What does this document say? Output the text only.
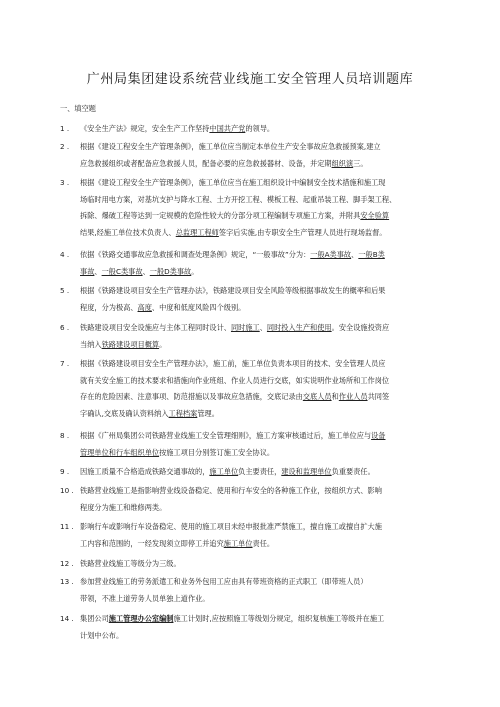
广州局集团建设系统营业线施工安全管理人员培训题库
一、填空题
1 . 《安全生产法》规定，安全生产工作坚持中国共产党的领导。
2 . 根据《建设工程安全生产管理条例》，施工单位应当制定本单位生产安全事故应急救援预案,建立
应急救援组织或者配备应急救援人员，配备必要的应急救援器材、设备，并定期组织演三。
3 . 根据《建设工程安全生产管理条例》，施工单位应当在施工组织设计中编制安全技术措施和施工现
场临时用电方案，对基坑支护与降水工程、土方开挖工程、模板工程、起重吊装工程、脚手架工程、
拆除、爆破工程等达到一定规模的危险性较大的分部分项工程编制专项施工方案，并附具安全验算
结果,经施工单位技术负责人、总监理工程师签字后实施,由专职安全生产管理人员进行现场监督。
4 . 依据《铁路交通事故应急救援和调查处理条例》规定，“一般事故”分为：一般A类事故、一般B类
事故、一般C类事故、一般D类事故。
5 . 根据《铁路建设项目安全生产管理办法》，铁路建设项目安全风险等级根据事故发生的概率和后果
程度，分为极高、高度、中度和低度风险四个级别。
6 . 铁路建设项目安全设施应与主体工程同时设计、同时施工、同时投入生产和使用。安全设施投资应
当纳入铁路建设项目概算。
7 . 根据《铁路建设项目安全生产管理办法》，施工前，施工单位负责本项目的技术、安全管理人员应
就有关安全施工的技术要求和措施向作业班组、作业人员进行交底，如实说明作业场所和工作岗位
存在的危险因素、注意事项、防范措施以及事故应急措施，交底记录由交底人员和作业人员共同签
字确认,交底及确认资料纳入工程档案管理。
8 . 根据《广州局集团公司铁路营业线施工安全管理细则》，施工方案审核通过后，施工单位应与设备
管理单位和行车组织单位按施工项目分别签订施工安全协议。
9 . 因施工质量不合格造成铁路交通事故的，施工单位负主要责任，建设和监理单位负重要责任。
10 . 铁路营业线施工是指影响营业线设备稳定、使用和行车安全的各种施工作业，按组织方式、影响
程度分为施工和维修两类。
11 . 影响行车或影响行车设备稳定、使用的施工项目未经申报批准严禁施工，擅自施工或擅自扩大施
工内容和范围的，一经发现须立即停工并追究施工单位责任。
12 . 铁路营业线施工等级分为三级。
13 . 参加营业线施工的劳务派遣工和业务外包用工应由具有带班资格的正式职工（即带班人员）
带领，不准上道劳务人员单独上道作业。
14 . 集团公司施工管理办公室编制施工计划时,应按照施工等级划分规定，组织复核施工等级并在施工
计划中公布。
